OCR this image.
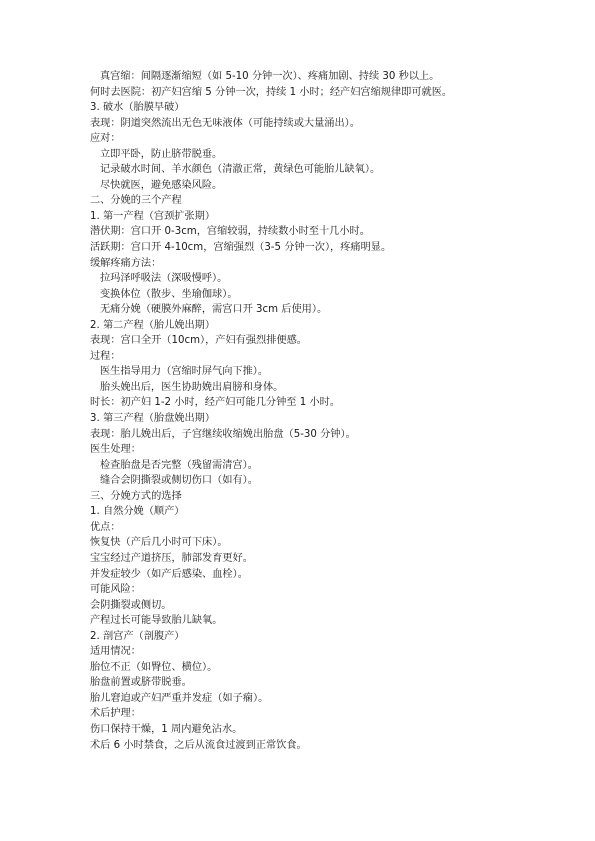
真宫缩：间隔逐渐缩短（如 5-10 分钟一次）、疼痛加剧、持续 30 秒以上。
何时去医院：初产妇宫缩 5 分钟一次，持续 1 小时；经产妇宫缩规律即可就医。
3. 破水（胎膜早破）
表现：阴道突然流出无色无味液体（可能持续或大量涌出）。
应对：
立即平卧，防止脐带脱垂。
记录破水时间、羊水颜色（清澈正常，黄绿色可能胎儿缺氧）。
尽快就医，避免感染风险。
二、分娩的三个产程
1. 第一产程（宫颈扩张期）
潜伏期：宫口开 0-3cm，宫缩较弱，持续数小时至十几小时。
活跃期：宫口开 4-10cm，宫缩强烈（3-5 分钟一次），疼痛明显。
缓解疼痛方法：
拉玛泽呼吸法（深吸慢呼）。
变换体位（散步、坐瑜伽球）。
无痛分娩（硬膜外麻醉，需宫口开 3cm 后使用）。
2. 第二产程（胎儿娩出期）
表现：宫口全开（10cm），产妇有强烈排便感。
过程：
医生指导用力（宫缩时屏气向下推）。
胎头娩出后，医生协助娩出肩膀和身体。
时长：初产妇 1-2 小时，经产妇可能几分钟至 1 小时。
3. 第三产程（胎盘娩出期）
表现：胎儿娩出后，子宫继续收缩娩出胎盘（5-30 分钟）。
医生处理：
检查胎盘是否完整（残留需清宫）。
缝合会阴撕裂或侧切伤口（如有）。
三、分娩方式的选择
1. 自然分娩（顺产）
优点：
恢复快（产后几小时可下床）。
宝宝经过产道挤压，肺部发育更好。
并发症较少（如产后感染、血栓）。
可能风险：
会阴撕裂或侧切。
产程过长可能导致胎儿缺氧。
2. 剖宫产（剖腹产）
适用情况：
胎位不正（如臀位、横位）。
胎盘前置或脐带脱垂。
胎儿窘迫或产妇严重并发症（如子痫）。
术后护理：
伤口保持干燥，1 周内避免沾水。
术后 6 小时禁食，之后从流食过渡到正常饮食。
